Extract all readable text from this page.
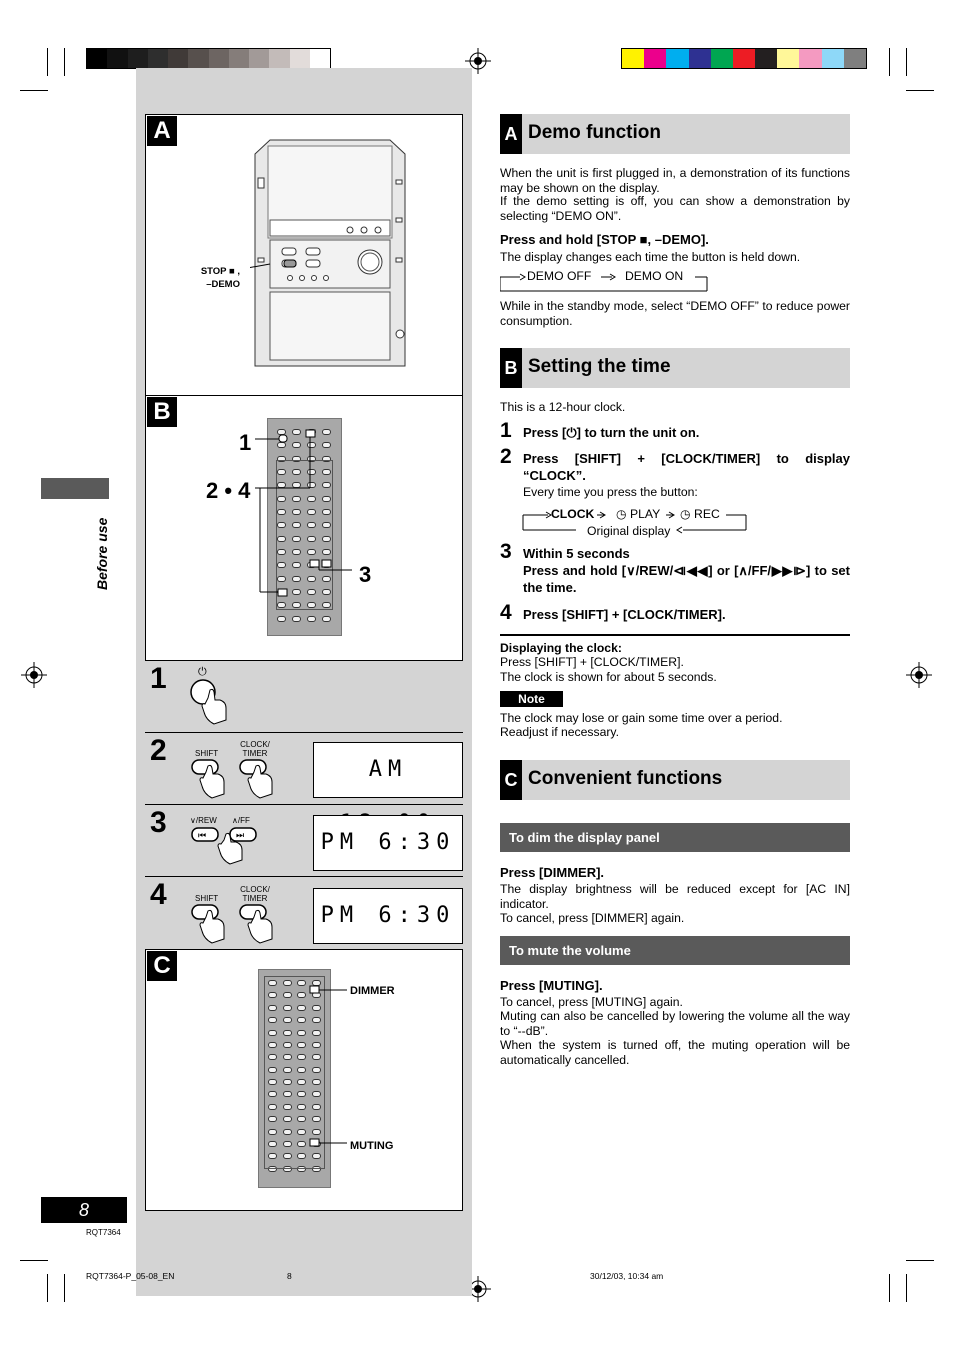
Before use
8
RQT7364
RQT7364-P_05-08_EN	8	30/12/03, 10:34 am
A
STOP ■ ,
–DEMO
B
1
2 • 4
3
1	⏻
2	SHIFT
CLOCK/ TIMER
AM
3	∨/REW ∧/FF
⏮	⏭	PM 6:30
4	SHIFT
CLOCK/ TIMER
PM 6:30
C
DIMMER
MUTING
A Demo function
When the unit is first plugged in, a demonstration of its functions may be shown on the display.
If the demo setting is off, you can show a demonstration by selecting “DEMO ON”.
Press and hold [STOP ■, –DEMO].
The display changes each time the button is held down.
DEMO OFF	DEMO ON
While in the standby mode, select “DEMO OFF” to reduce power consumption.
B Setting the time
This is a 12-hour clock.
1 Press [⏻] to turn the unit on.
2 Press [SHIFT] + [CLOCK/TIMER] to display “CLOCK”.
Every time you press the button:
CLOCK ◷ PLAY ◷ REC
Original display
3 Within 5 seconds
Press and hold [∨/REW/⧏◀◀] or [∧/FF/▶▶⧐] to set the time.
4 Press [SHIFT] + [CLOCK/TIMER].
Displaying the clock:
Press [SHIFT] + [CLOCK/TIMER].
The clock is shown for about 5 seconds.
Note
The clock may lose or gain some time over a period.
Readjust if necessary.
C Convenient functions
To dim the display panel
Press [DIMMER].
The display brightness will be reduced except for [AC IN] indicator.
To cancel, press [DIMMER] again.
To mute the volume
Press [MUTING].
To cancel, press [MUTING] again.
Muting can also be cancelled by lowering the volume all the way to “--dB”.
When the system is turned off, the muting operation will be automatically cancelled.
